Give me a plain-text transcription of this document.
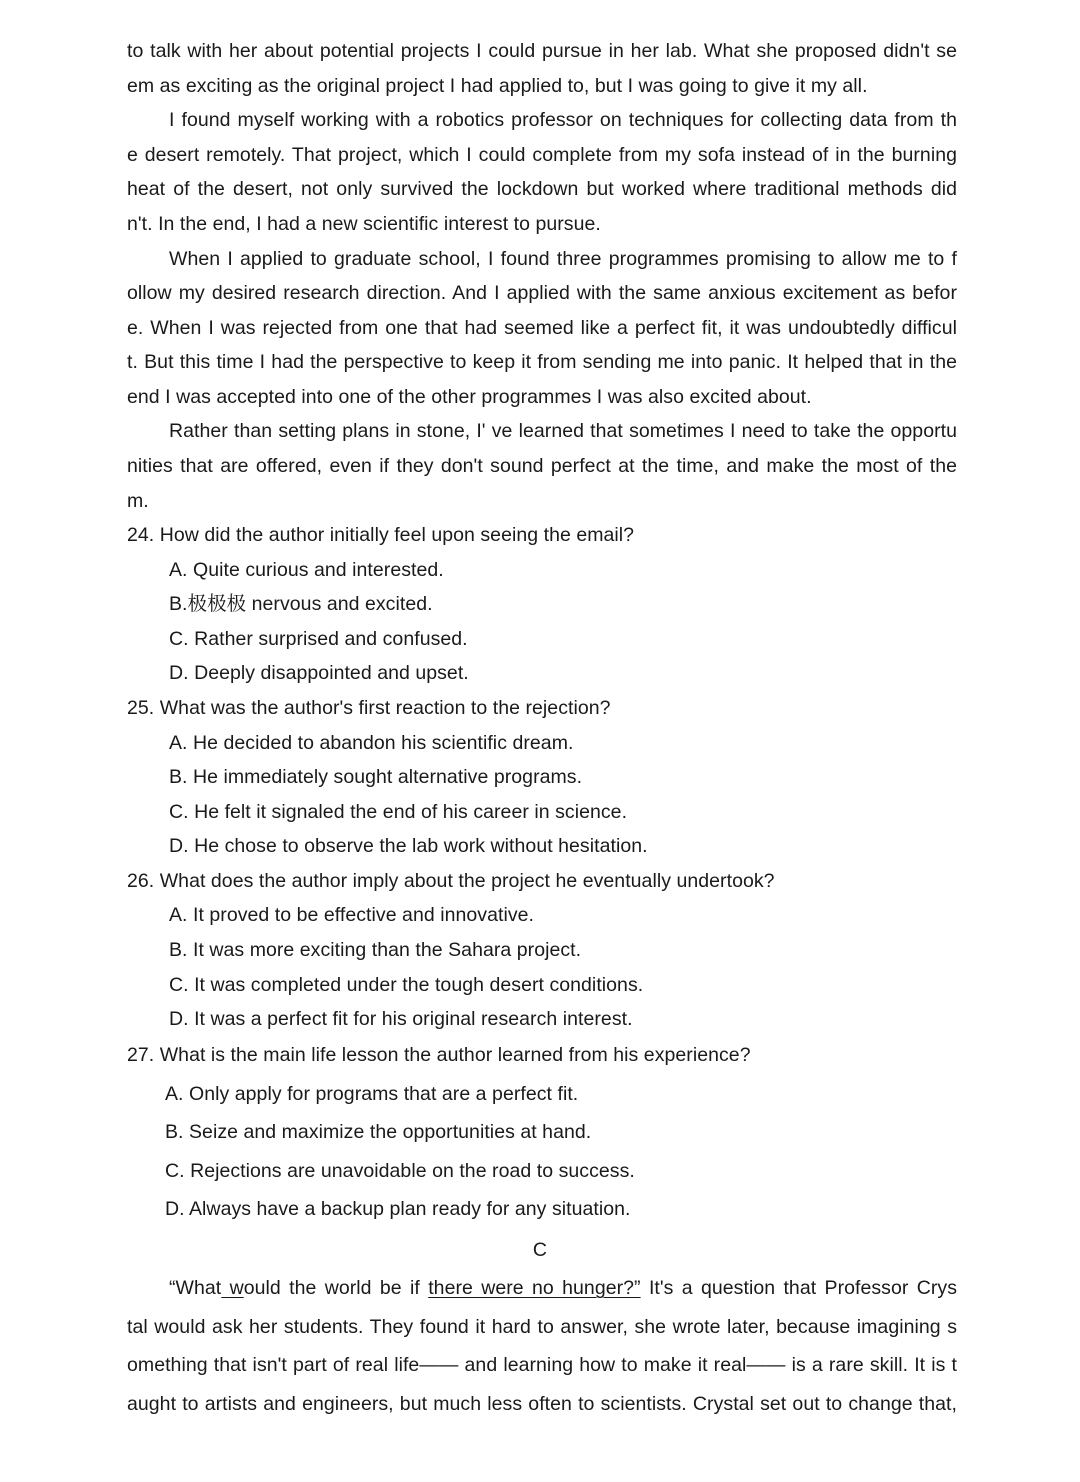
to talk with her about potential projects I could pursue in her lab. What she proposed didn't se
em as exciting as the original project I had applied to, but I was going to give it my all.
I found myself working with a robotics professor on techniques for collecting data from th
e desert remotely. That project, which I could complete from my sofa instead of in the burning
heat of the desert, not only survived the lockdown but worked where traditional methods did
n't. In the end, I had a new scientific interest to pursue.
When I applied to graduate school, I found three programmes promising to allow me to f
ollow my desired research direction. And I applied with the same anxious excitement as befor
e. When I was rejected from one that had seemed like a perfect fit, it was undoubtedly difficul
t. But this time I had the perspective to keep it from sending me into panic. It helped that in the
end I was accepted into one of the other programmes I was also excited about.
Rather than setting plans in stone, I' ve learned that sometimes I need to take the opportu
nities that are offered, even if they don't sound perfect at the time, and make the most of the
m.
24. How did the author initially feel upon seeing the email?
A. Quite curious and interested.
B.极极极 nervous and excited.
C. Rather surprised and confused.
D. Deeply disappointed and upset.
25. What was the author's first reaction to the rejection?
A. He decided to abandon his scientific dream.
B. He immediately sought alternative programs.
C. He felt it signaled the end of his career in science.
D. He chose to observe the lab work without hesitation.
26. What does the author imply about the project he eventually undertook?
A. It proved to be effective and innovative.
B. It was more exciting than the Sahara project.
C. It was completed under the tough desert conditions.
D. It was a perfect fit for his original research interest.
27. What is the main life lesson the author learned from his experience?
A. Only apply for programs that are a perfect fit.
B. Seize and maximize the opportunities at hand.
C. Rejections are unavoidable on the road to success.
D. Always have a backup plan ready for any situation.
C
“What would the world be if there were no hunger?” It's a question that Professor Crys
tal would ask her students. They found it hard to answer, she wrote later, because imagining s
omething that isn't part of real life—— and learning how to make it real—— is a rare skill. It is t
aught to artists and engineers, but much less often to scientists. Crystal set out to change that,
